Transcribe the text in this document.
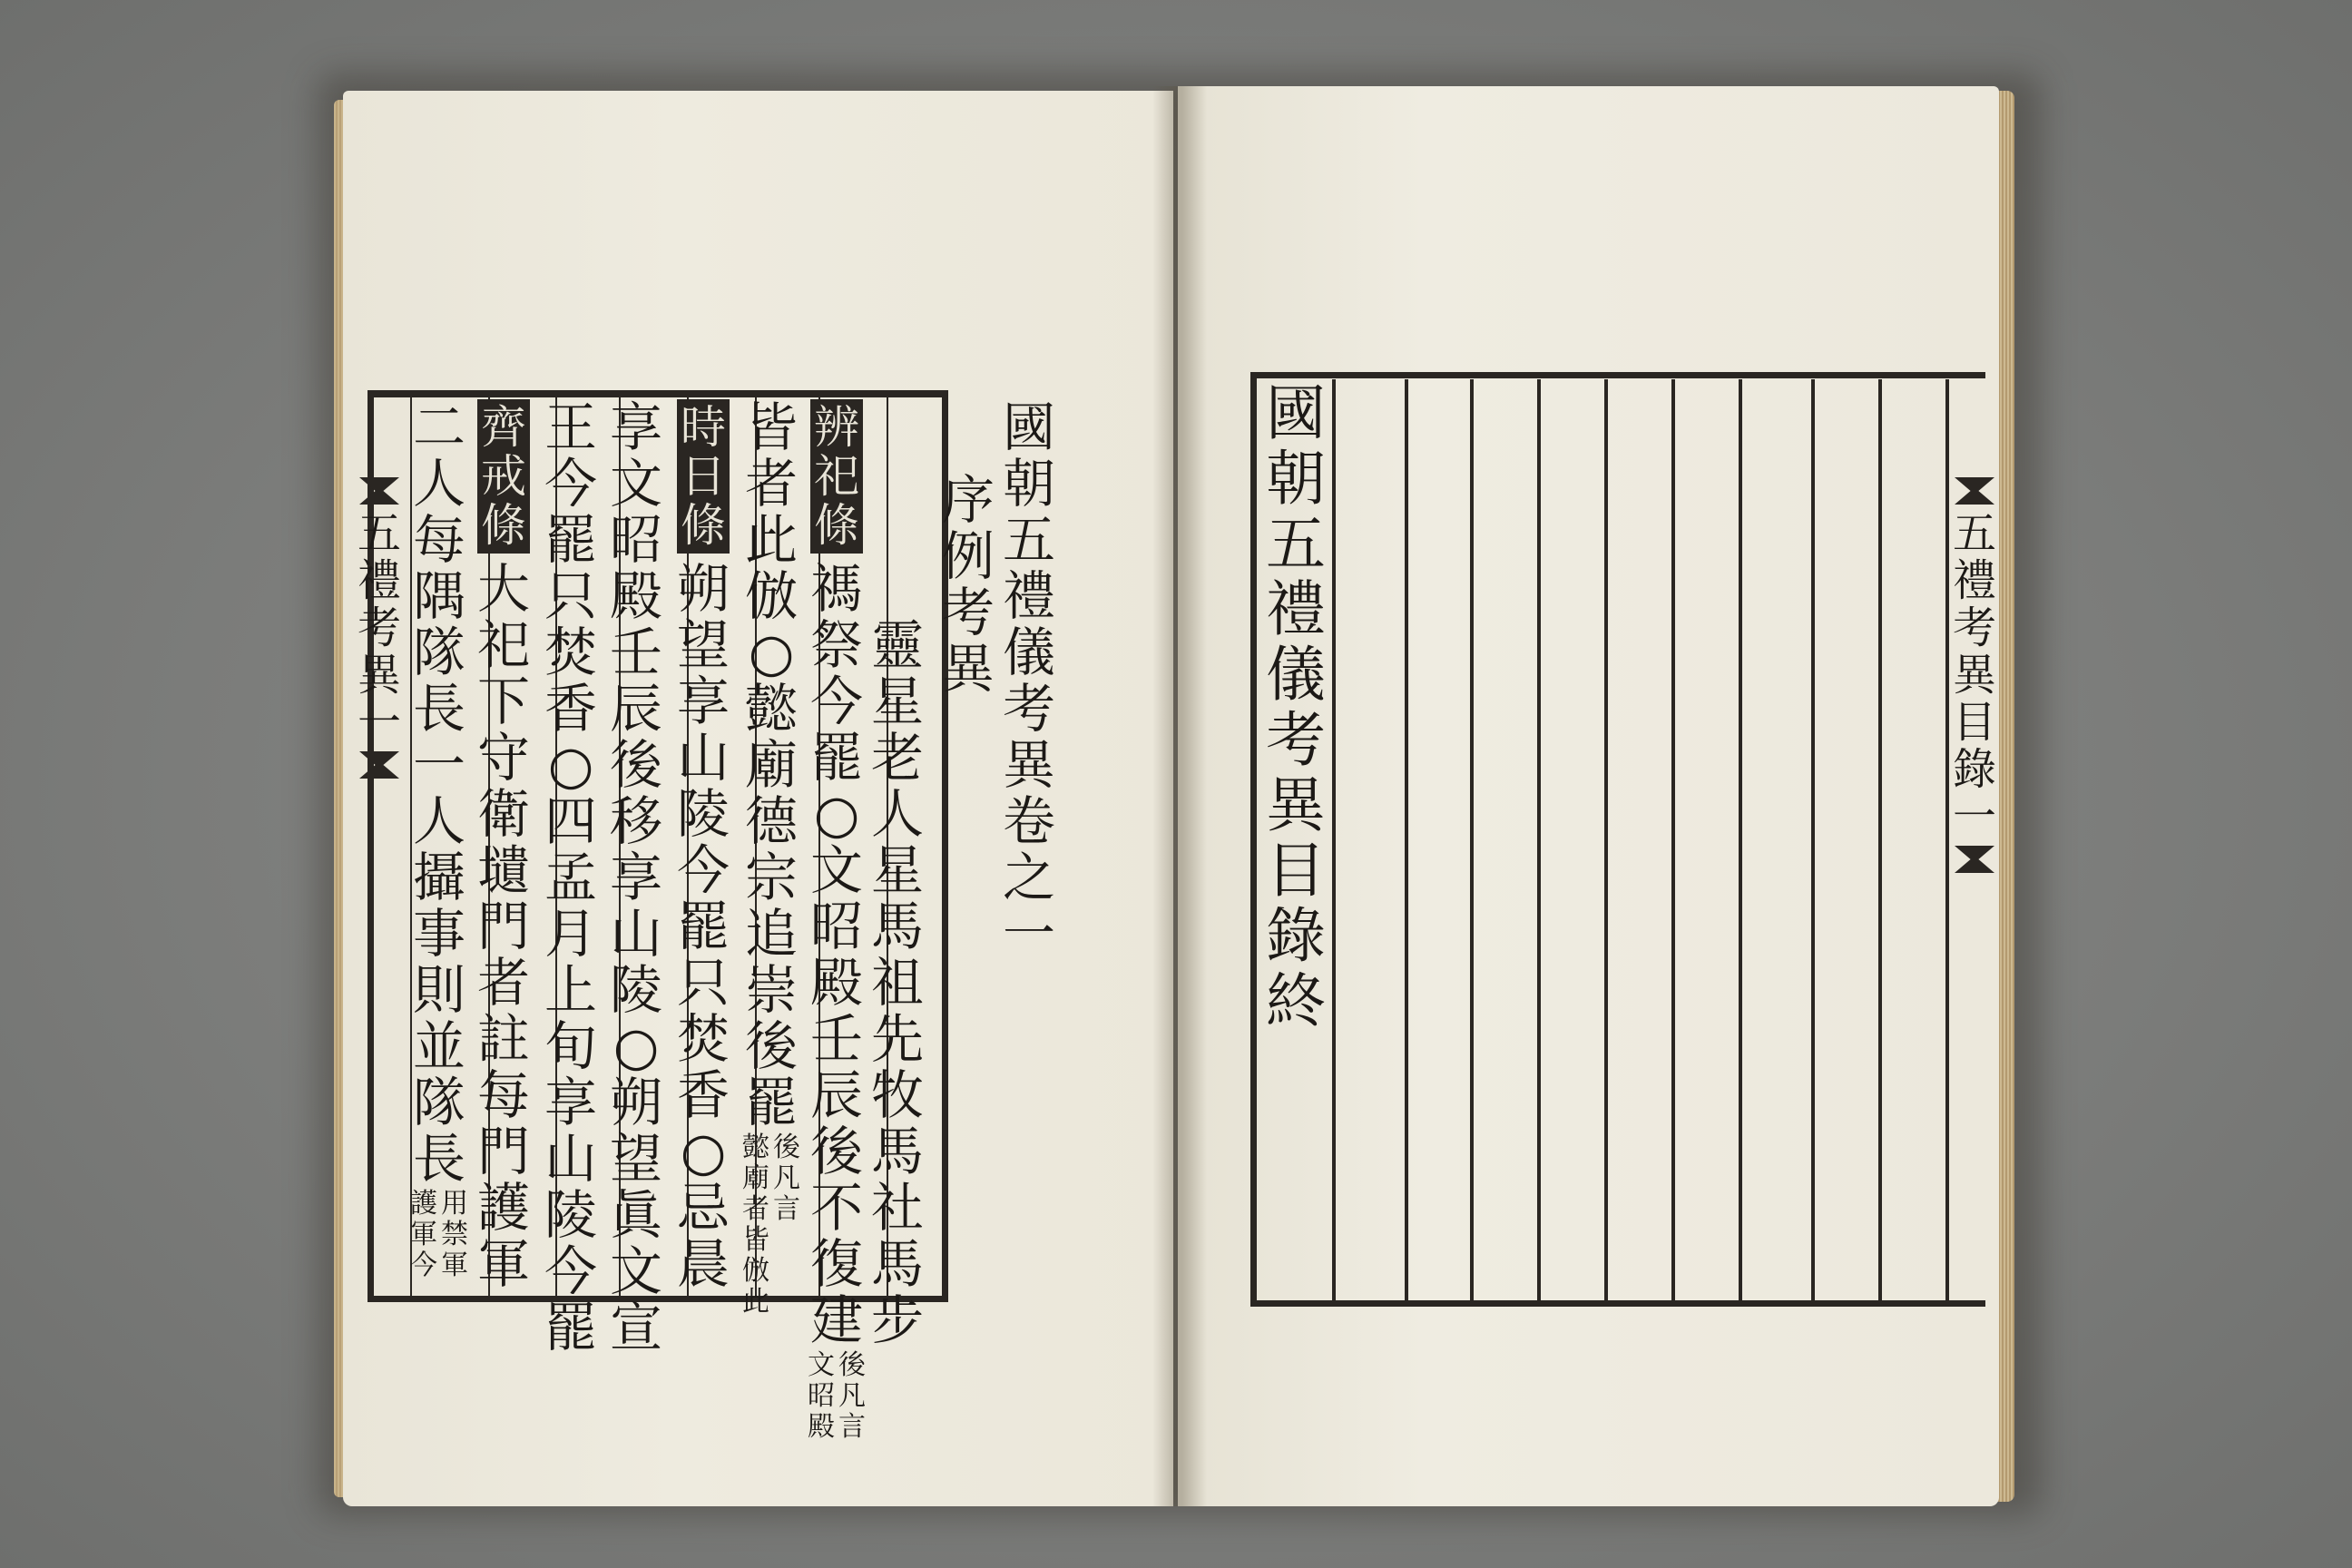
國
朝
五
禮
儀
考
異
卷
之
一
序
例
考
異
靈
星
老
人
星
馬
祖
先
牧
馬
社
馬
步
辨
祀
條
禡
祭
今
罷
○
文
昭
殿
壬
辰
後
不
復
建
文
昭
殿
後
凡
言
皆
者
此
倣
○
懿
廟
德
宗
追
崇
後
罷
懿
廟
者
皆
倣
此
後
凡
言
時
日
條
朔
望
享
山
陵
今
罷
只
焚
香
○
忌
晨
享
文
昭
殿
壬
辰
後
移
享
山
陵
○
朔
望
眞
文
宣
王
今
罷
只
焚
香
○
四
孟
月
上
旬
享
山
陵
今
罷
齊
戒
條
大
祀
下
守
衛
壝
門
者
註
每
門
護
軍
二
人
每
隅
隊
長
一
人
攝
事
則
並
隊
長
護
軍
今
用
禁
軍
五
禮
考
異
一
國
朝
五
禮
儀
考
異
目
錄
終
五
禮
考
異
目
錄
一
